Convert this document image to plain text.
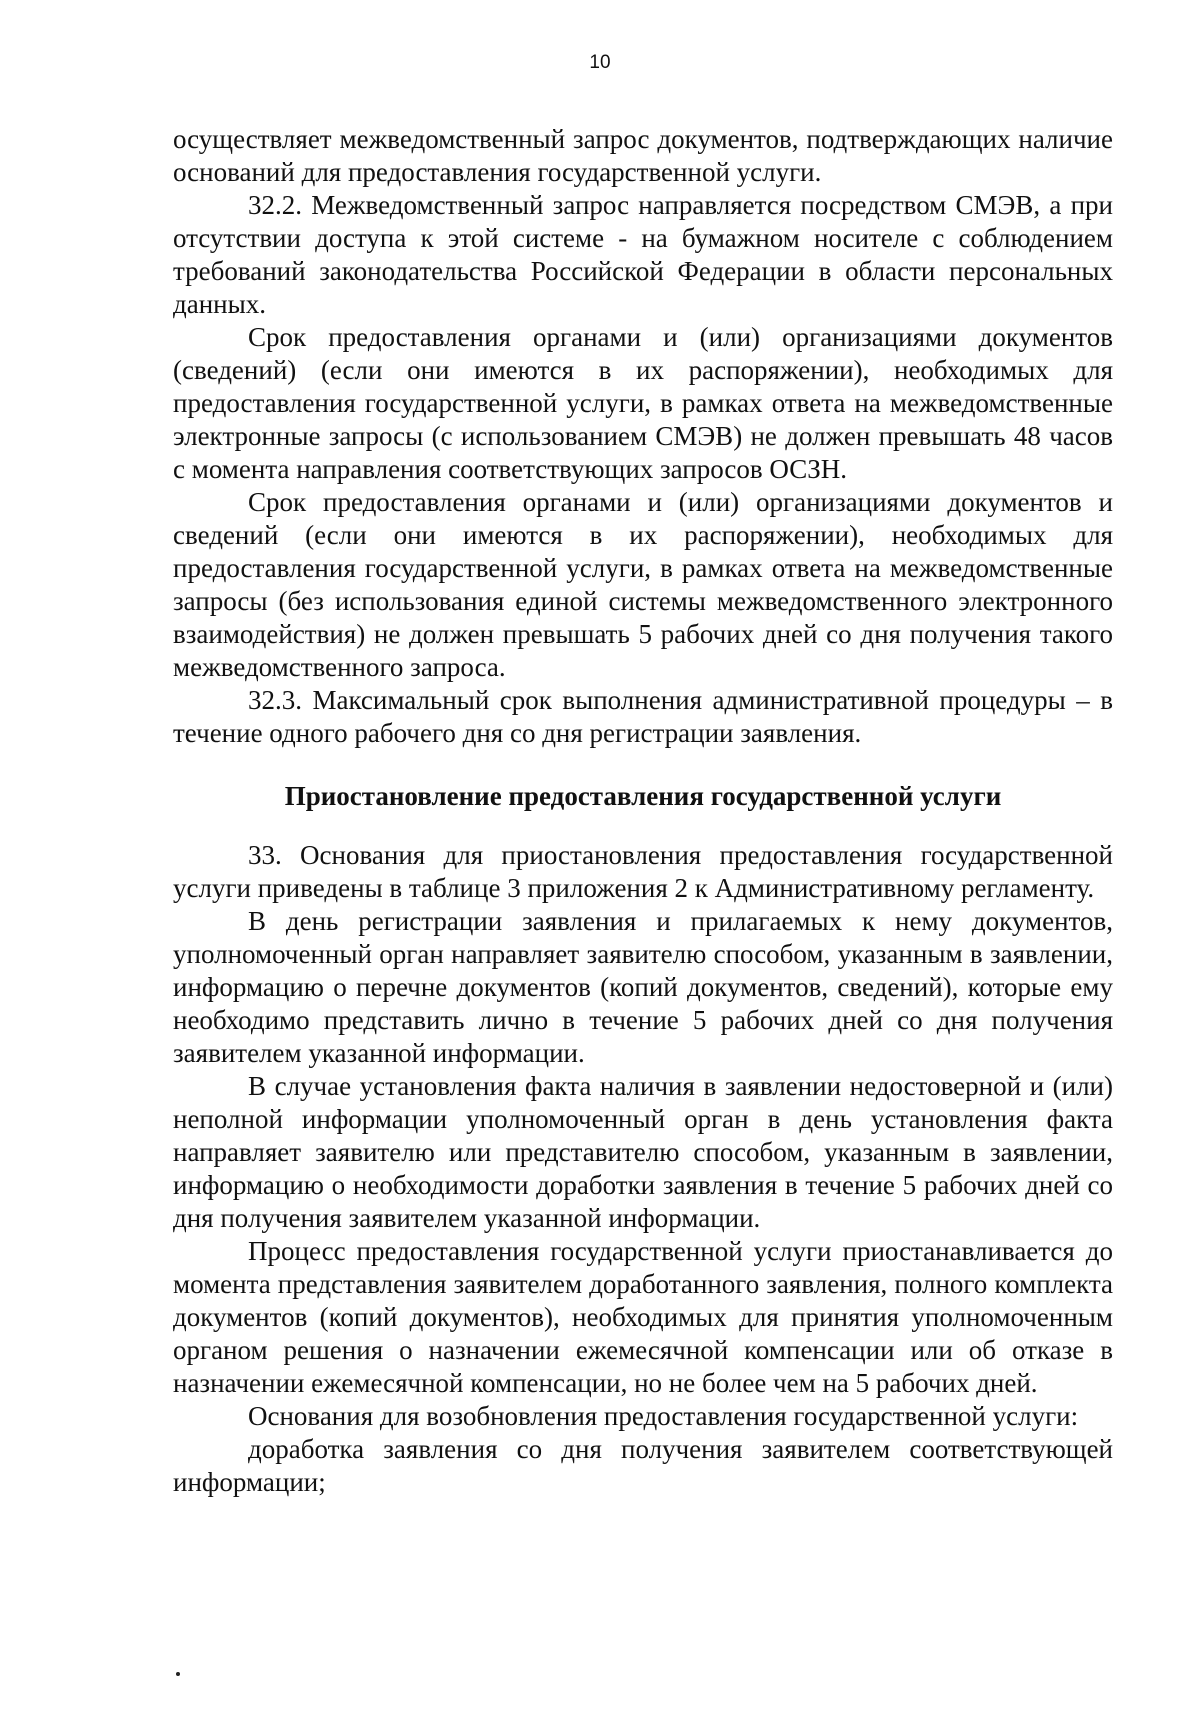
10

осуществляет межведомственный запрос документов, подтверждающих наличие оснований для предоставления государственной услуги.

32.2. Межведомственный запрос направляется посредством СМЭВ, а при отсутствии доступа к этой системе - на бумажном носителе с соблюдением требований законодательства Российской Федерации в области персональных данных.

Срок предоставления органами и (или) организациями документов (сведений) (если они имеются в их распоряжении), необходимых для предоставления государственной услуги, в рамках ответа на межведомственные электронные запросы (с использованием СМЭВ) не должен превышать 48 часов с момента направления соответствующих запросов ОСЗН.

Срок предоставления органами и (или) организациями документов и сведений (если они имеются в их распоряжении), необходимых для предоставления государственной услуги, в рамках ответа на межведомственные запросы (без использования единой системы межведомственного электронного взаимодействия) не должен превышать 5 рабочих дней со дня получения такого межведомственного запроса.

32.3. Максимальный срок выполнения административной процедуры – в течение одного рабочего дня со дня регистрации заявления.

Приостановление предоставления государственной услуги

33. Основания для приостановления предоставления государственной услуги приведены в таблице 3 приложения 2 к Административному регламенту.

В день регистрации заявления и прилагаемых к нему документов, уполномоченный орган направляет заявителю способом, указанным в заявлении, информацию о перечне документов (копий документов, сведений), которые ему необходимо представить лично в течение 5 рабочих дней со дня получения заявителем указанной информации.

В случае установления факта наличия в заявлении недостоверной и (или) неполной информации уполномоченный орган в день установления факта направляет заявителю или представителю способом, указанным в заявлении, информацию о необходимости доработки заявления в течение 5 рабочих дней со дня получения заявителем указанной информации.

Процесс предоставления государственной услуги приостанавливается до момента представления заявителем доработанного заявления, полного комплекта документов (копий документов), необходимых для принятия уполномоченным органом решения о назначении ежемесячной компенсации или об отказе в назначении ежемесячной компенсации, но не более чем на 5 рабочих дней.

Основания для возобновления предоставления государственной услуги:

доработка заявления со дня получения заявителем соответствующей информации;
